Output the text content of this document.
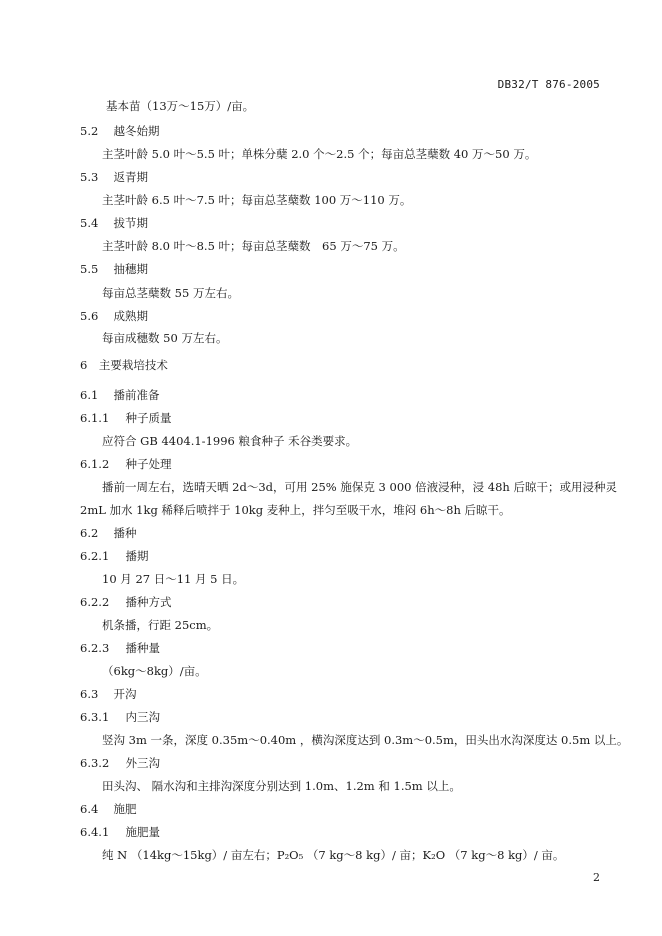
DB32/T 876-2005
基本苗（13万～15万）/亩。
5.2　 越冬始期
主茎叶龄 5.0 叶～5.5 叶；单株分蘖 2.0 个～2.5 个；每亩总茎蘖数 40 万～50 万。
5.3　 返青期
主茎叶龄 6.5 叶～7.5 叶；每亩总茎蘖数 100 万～110 万。
5.4　 拔节期
主茎叶龄 8.0 叶～8.5 叶；每亩总茎蘖数　65 万～75 万。
5.5　 抽穗期
每亩总茎蘖数 55 万左右。
5.6　 成熟期
每亩成穗数 50 万左右。
6　 主要栽培技术
6.1　 播前准备
6.1.1　 种子质量
应符合 GB 4404.1-1996 粮食种子 禾谷类要求。
6.1.2　 种子处理
播前一周左右，选晴天晒 2d～3d，可用 25% 施保克 3 000 倍液浸种，浸 48h 后晾干；或用浸种灵
2mL 加水 1kg 稀释后喷拌于 10kg 麦种上，拌匀至吸干水，堆闷 6h～8h 后晾干。
6.2　 播种
6.2.1　 播期
10 月 27 日～11 月 5 日。
6.2.2　 播种方式
机条播，行距 25cm。
6.2.3　 播种量
（6kg～8kg）/亩。
6.3　 开沟
6.3.1　 内三沟
竖沟 3m 一条，深度 0.35m～0.40m ，横沟深度达到 0.3m～0.5m，田头出水沟深度达 0.5m 以上。
6.3.2　 外三沟
田头沟、 隔水沟和主排沟深度分别达到 1.0m、1.2m 和 1.5m 以上。
6.4　 施肥
6.4.1　 施肥量
纯 N （14kg～15kg）/ 亩左右；P₂O₅ （7 kg～8 kg）/ 亩；K₂O （7 kg～8 kg）/ 亩。
2
